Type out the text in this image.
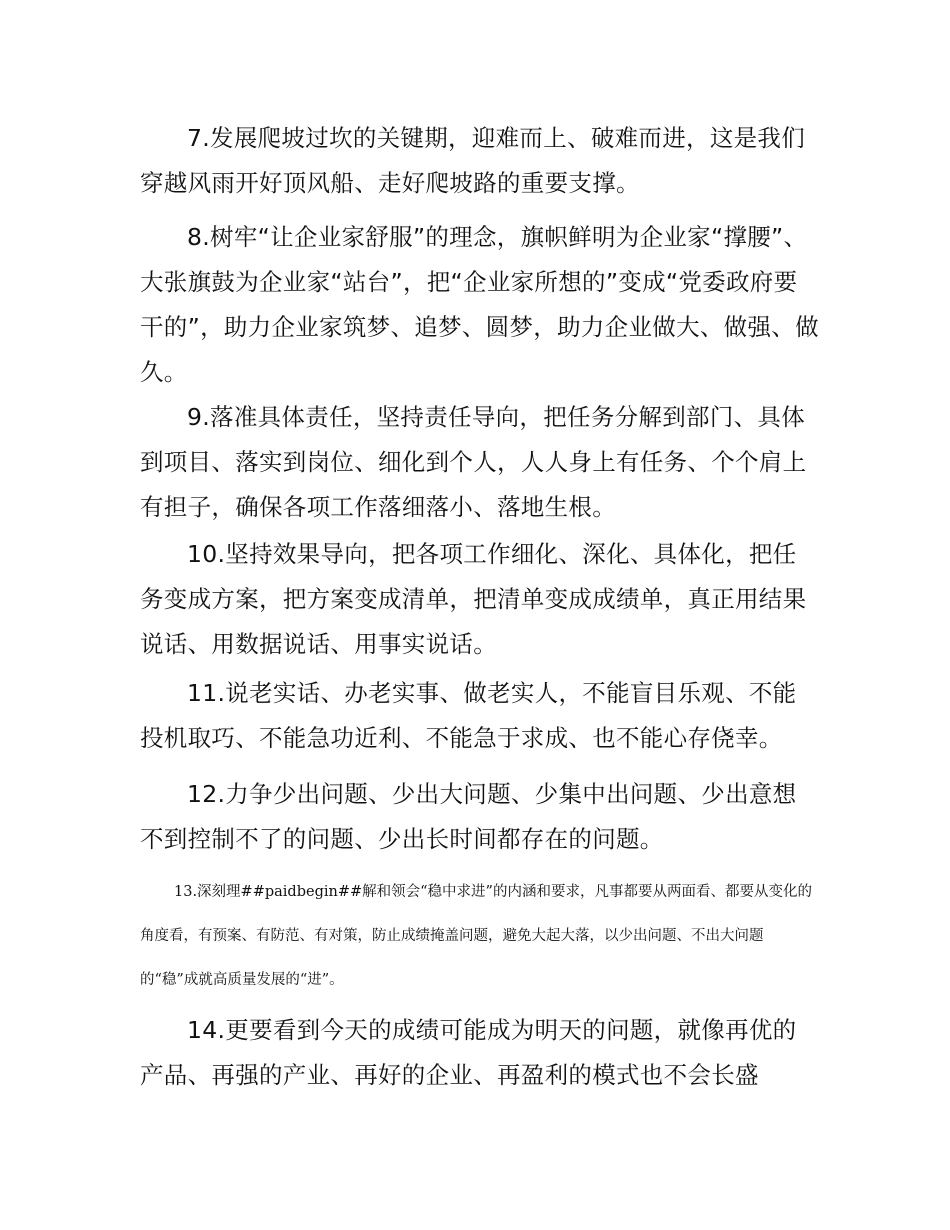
7.发展爬坡过坎的关键期，迎难而上、破难而进，这是我们穿越风雨开好顶风船、走好爬坡路的重要支撑。

8.树牢“让企业家舒服”的理念，旗帜鲜明为企业家“撑腰”、大张旗鼓为企业家“站台”，把“企业家所想的”变成“党委政府要干的”，助力企业家筑梦、追梦、圆梦，助力企业做大、做强、做久。

9.落准具体责任，坚持责任导向，把任务分解到部门、具体到项目、落实到岗位、细化到个人，人人身上有任务、个个肩上有担子，确保各项工作落细落小、落地生根。

10.坚持效果导向，把各项工作细化、深化、具体化，把任务变成方案，把方案变成清单，把清单变成成绩单，真正用结果说话、用数据说话、用事实说话。

11.说老实话、办老实事、做老实人，不能盲目乐观、不能投机取巧、不能急功近利、不能急于求成、也不能心存侥幸。

12.力争少出问题、少出大问题、少集中出问题、少出意想不到控制不了的问题、少出长时间都存在的问题。

13.深刻理##paidbegin##解和领会“稳中求进”的内涵和要求，凡事都要从两面看、都要从变化的角度看，有预案、有防范、有对策，防止成绩掩盖问题，避免大起大落，以少出问题、不出大问题的“稳”成就高质量发展的“进”。

14.更要看到今天的成绩可能成为明天的问题，就像再优的产品、再强的产业、再好的企业、再盈利的模式也不会长盛
